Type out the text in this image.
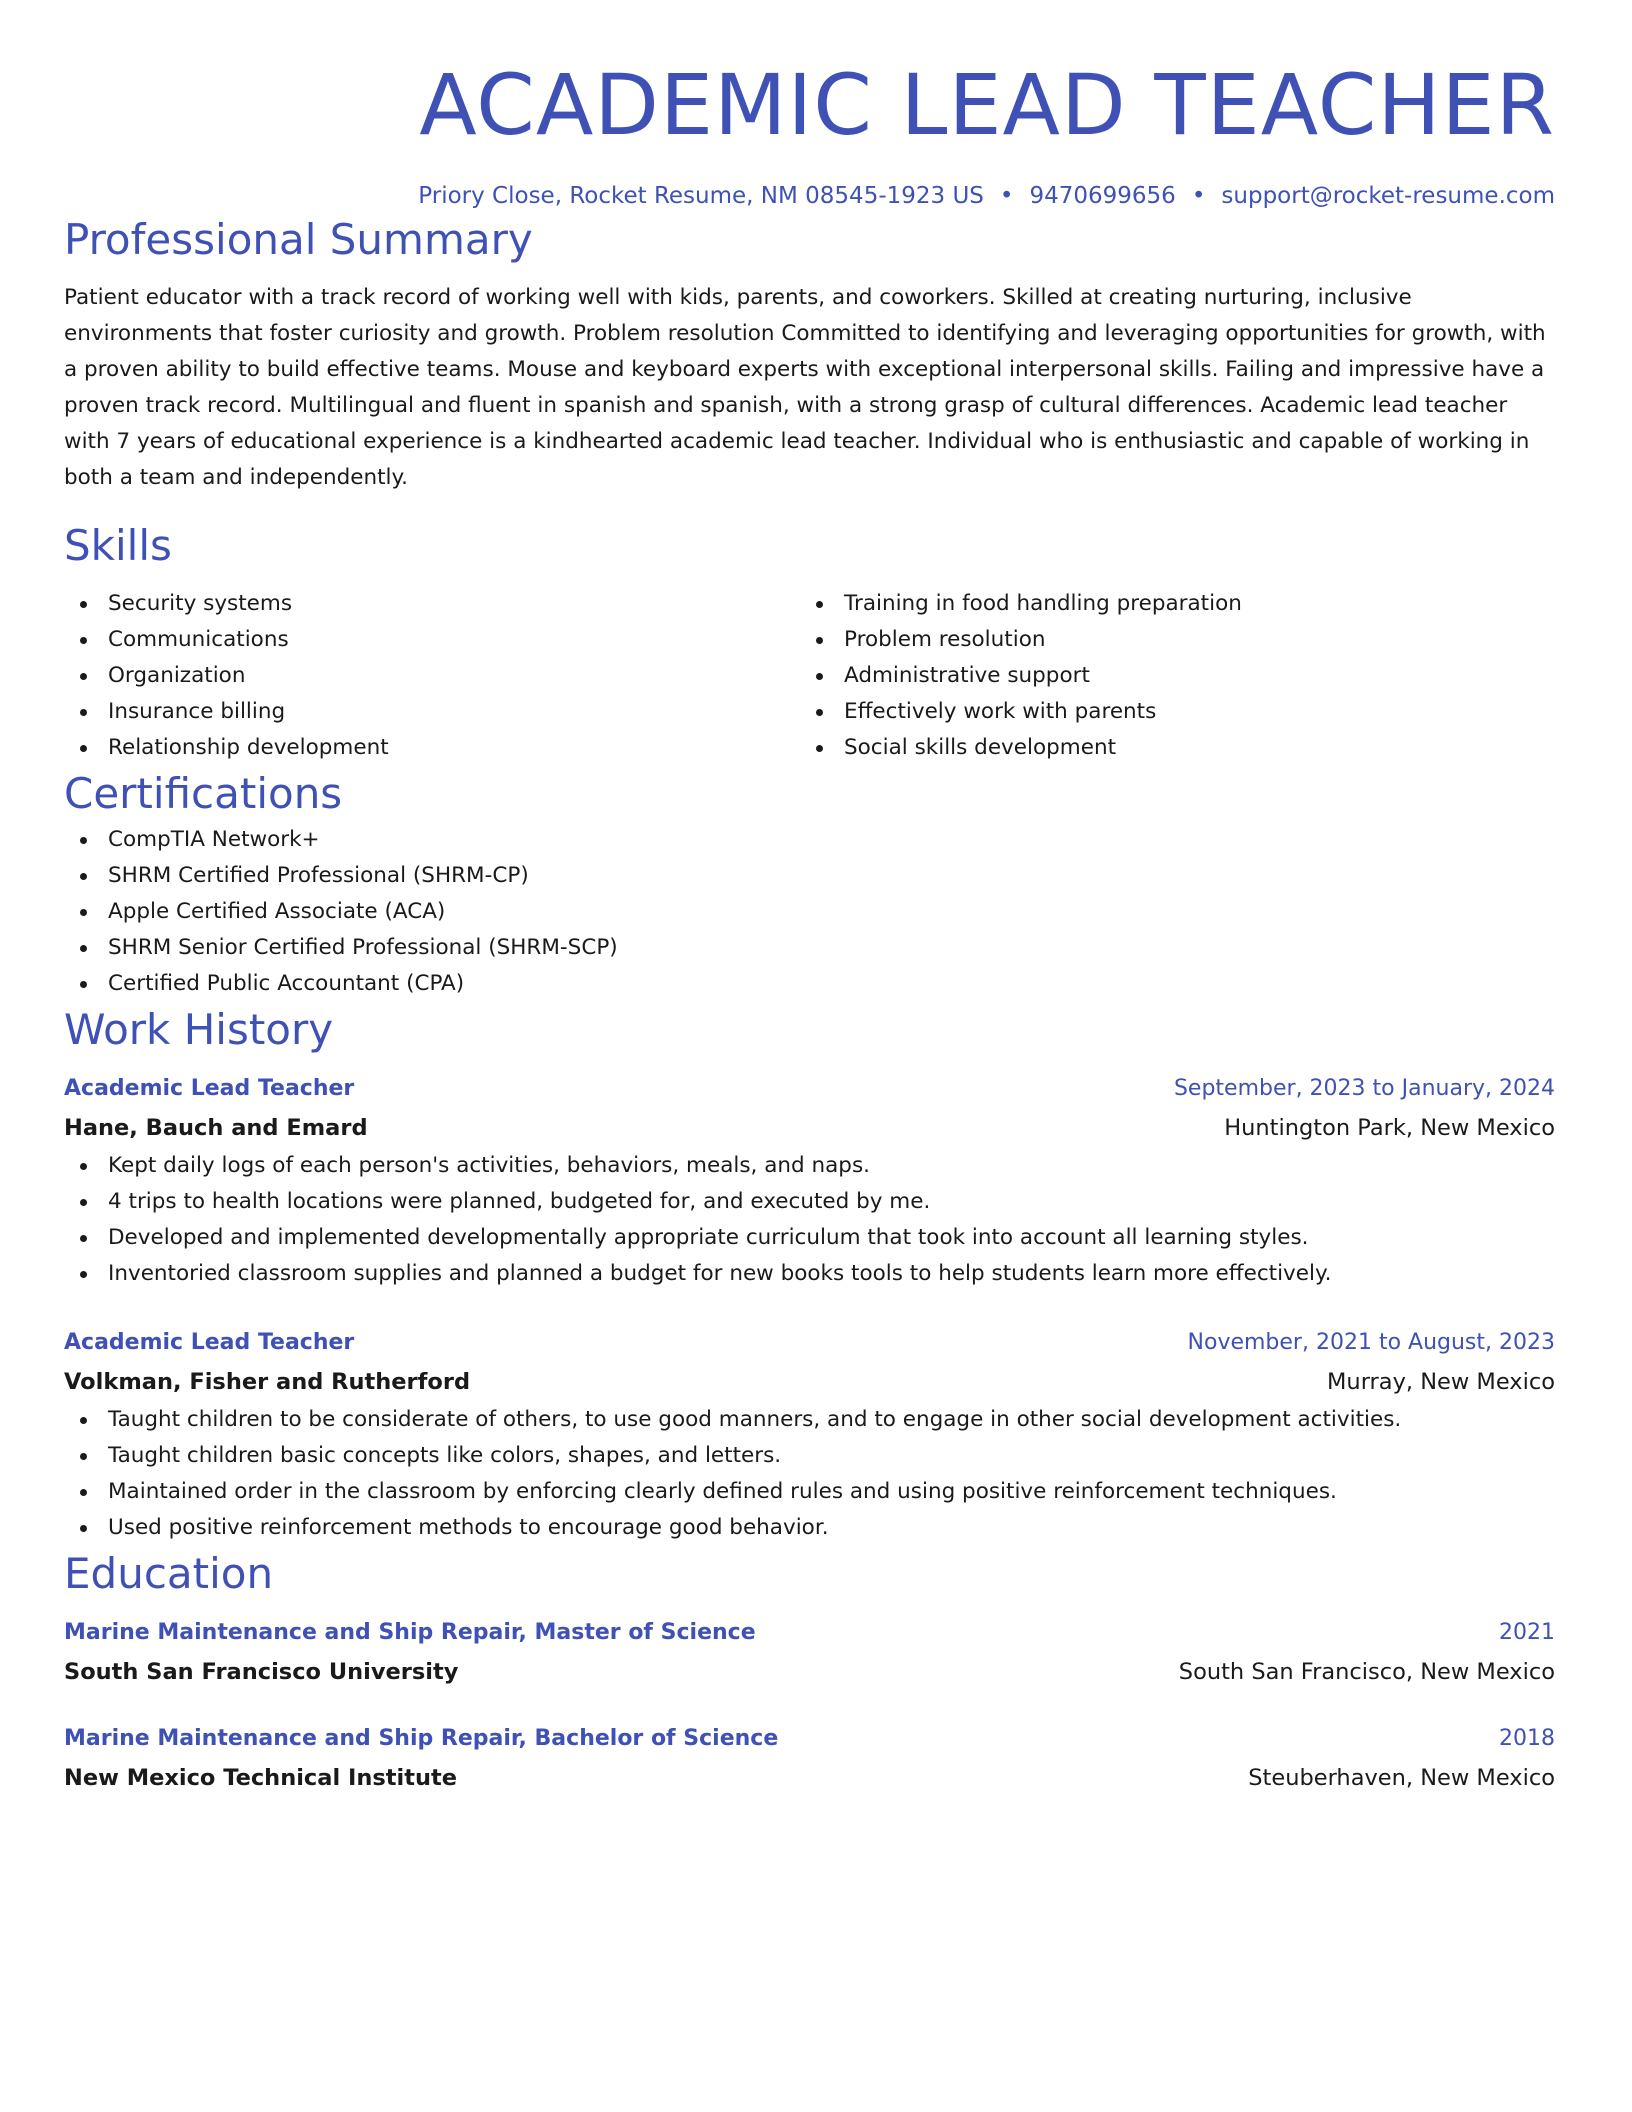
ACADEMIC LEAD TEACHER
Priory Close, Rocket Resume, NM 08545-1923 US • 9470699656 • support@rocket-resume.com
Professional Summary

Patient educator with a track record of working well with kids, parents, and coworkers. Skilled at creating nurturing, inclusive environments that foster curiosity and growth. Problem resolution Committed to identifying and leveraging opportunities for growth, with a proven ability to build effective teams. Mouse and keyboard experts with exceptional interpersonal skills. Failing and impressive have a proven track record. Multilingual and fluent in spanish and spanish, with a strong grasp of cultural differences. Academic lead teacher with 7 years of educational experience is a kindhearted academic lead teacher. Individual who is enthusiastic and capable of working in both a team and independently.

Skills
Security systems
Communications
Organization
Insurance billing
Relationship development
Training in food handling preparation
Problem resolution
Administrative support
Effectively work with parents
Social skills development
Certifications
CompTIA Network+
SHRM Certified Professional (SHRM-CP)
Apple Certified Associate (ACA)
SHRM Senior Certified Professional (SHRM-SCP)
Certified Public Accountant (CPA)
Work History
Academic Lead Teacher	September, 2023 to January, 2024
Hane, Bauch and Emard	Huntington Park, New Mexico
Kept daily logs of each person's activities, behaviors, meals, and naps.
4 trips to health locations were planned, budgeted for, and executed by me.
Developed and implemented developmentally appropriate curriculum that took into account all learning styles.
Inventoried classroom supplies and planned a budget for new books tools to help students learn more effectively.
Academic Lead Teacher	November, 2021 to August, 2023
Volkman, Fisher and Rutherford	Murray, New Mexico
Taught children to be considerate of others, to use good manners, and to engage in other social development activities.
Taught children basic concepts like colors, shapes, and letters.
Maintained order in the classroom by enforcing clearly defined rules and using positive reinforcement techniques.
Used positive reinforcement methods to encourage good behavior.
Education
Marine Maintenance and Ship Repair, Master of Science	2021
South San Francisco University	South San Francisco, New Mexico
Marine Maintenance and Ship Repair, Bachelor of Science	2018
New Mexico Technical Institute	Steuberhaven, New Mexico
